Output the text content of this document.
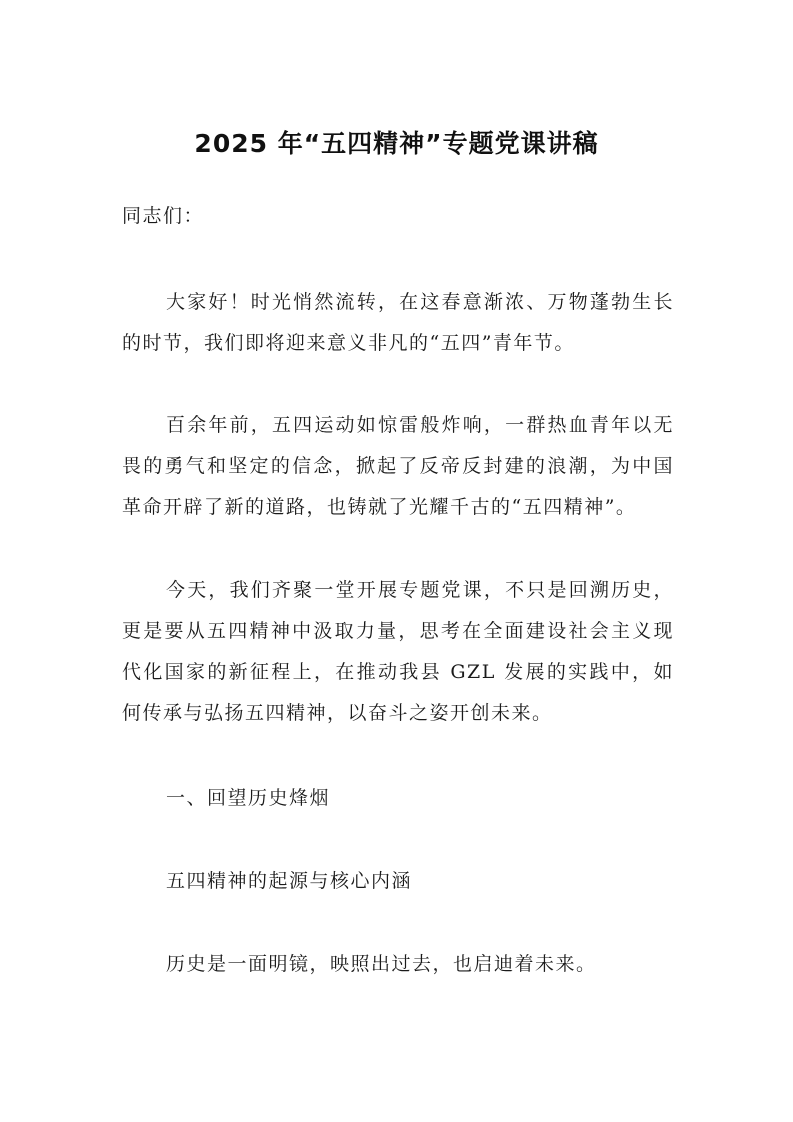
2025 年“五四精神”专题党课讲稿
同志们：
大家好！时光悄然流转，在这春意渐浓、万物蓬勃生长的时节，我们即将迎来意义非凡的“五四”青年节。
百余年前，五四运动如惊雷般炸响，一群热血青年以无畏的勇气和坚定的信念，掀起了反帝反封建的浪潮，为中国革命开辟了新的道路，也铸就了光耀千古的“五四精神”。
今天，我们齐聚一堂开展专题党课，不只是回溯历史，更是要从五四精神中汲取力量，思考在全面建设社会主义现代化国家的新征程上，在推动我县 GZL 发展的实践中，如何传承与弘扬五四精神，以奋斗之姿开创未来。
一、回望历史烽烟
五四精神的起源与核心内涵
历史是一面明镜，映照出过去，也启迪着未来。
